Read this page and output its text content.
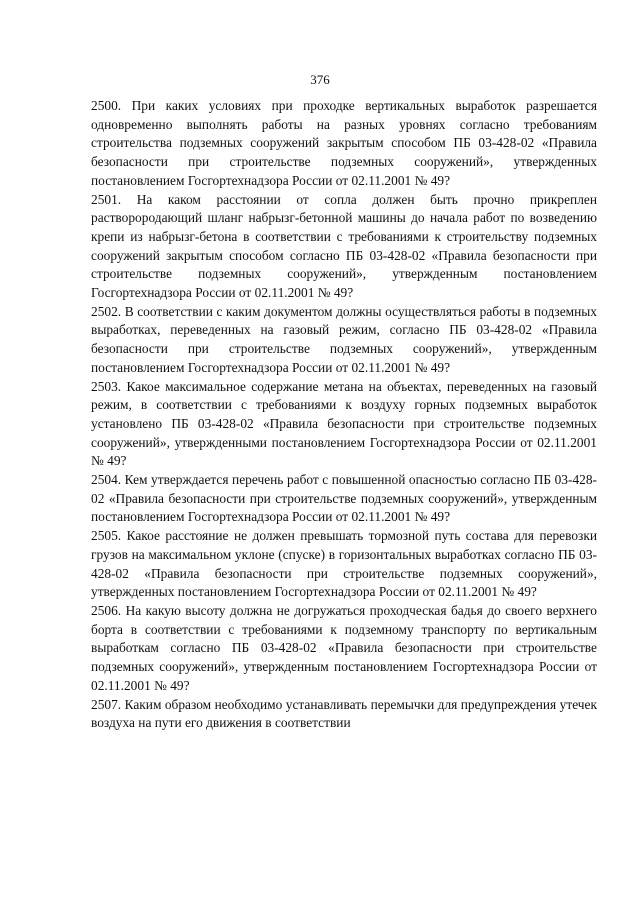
376

2500. При каких условиях при проходке вертикальных выработок разрешается одновременно выполнять работы на разных уровнях согласно требованиям строительства подземных сооружений закрытым способом ПБ 03-428-02 «Правила безопасности при строительстве подземных сооружений», утвержденных постановлением Госгортехнадзора России от 02.11.2001 № 49?

2501. На каком расстоянии от сопла должен быть прочно прикреплен растворopодающий шланг набрызг-бетонной машины до начала работ по возведению крепи из набрызг-бетона в соответствии с требованиями к строительству подземных сооружений закрытым способом согласно ПБ 03-428-02 «Правила безопасности при строительстве подземных сооружений», утвержденным постановлением Госгортехнадзора России от 02.11.2001 № 49?

2502. В соответствии с каким документом должны осуществляться работы в подземных выработках, переведенных на газовый режим, согласно ПБ 03-428-02 «Правила безопасности при строительстве подземных сооружений», утвержденным постановлением Госгортехнадзора России от 02.11.2001 № 49?

2503. Какое максимальное содержание метана на объектах, переведенных на газовый режим, в соответствии с требованиями к воздуху горных подземных выработок установлено ПБ 03-428-02 «Правила безопасности при строительстве подземных сооружений», утвержденными постановлением Госгортехнадзора России от 02.11.2001 № 49?

2504. Кем утверждается перечень работ с повышенной опасностью согласно ПБ 03-428-02 «Правила безопасности при строительстве подземных сооружений», утвержденным постановлением Госгортехнадзора России от 02.11.2001 № 49?

2505. Какое расстояние не должен превышать тормозной путь состава для перевозки грузов на максимальном уклоне (спуске) в горизонтальных выработках согласно ПБ 03-428-02 «Правила безопасности при строительстве подземных сооружений», утвержденных постановлением Госгортехнадзора России от 02.11.2001 № 49?

2506. На какую высоту должна не догружаться проходческая бадья до своего верхнего борта в соответствии с требованиями к подземному транспорту по вертикальным выработкам согласно ПБ 03-428-02 «Правила безопасности при строительстве подземных сооружений», утвержденным постановлением Госгортехнадзора России от 02.11.2001 № 49?

2507. Каким образом необходимо устанавливать перемычки для предупреждения утечек воздуха на пути его движения в соответствии
